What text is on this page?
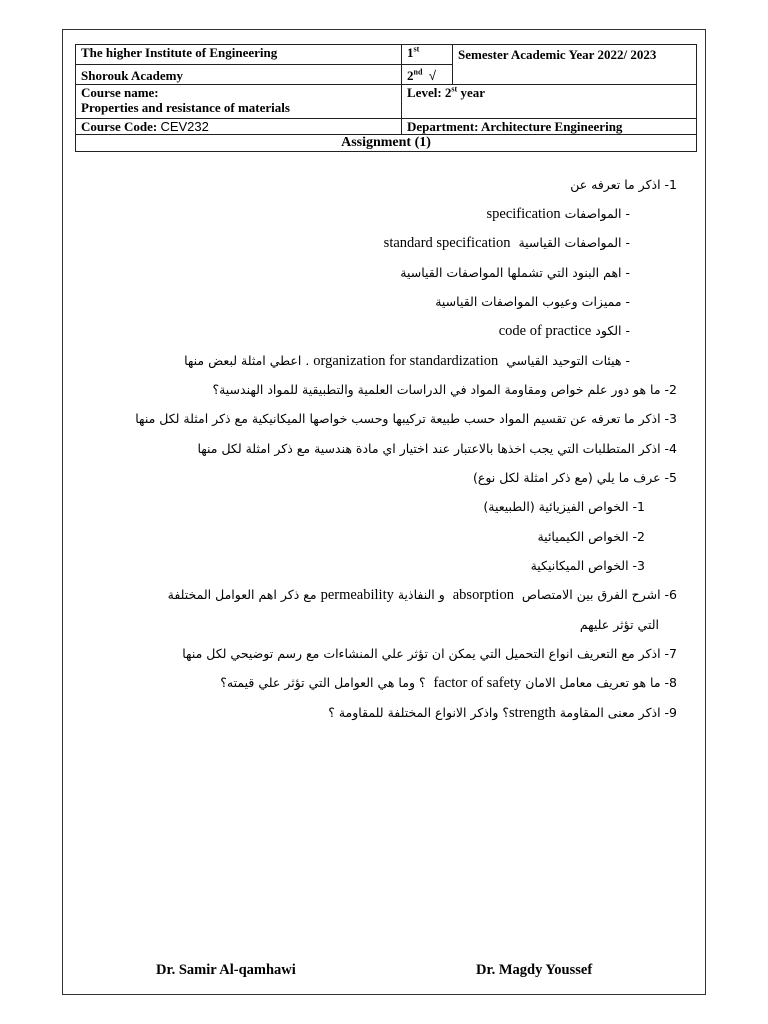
The higher Institute of Engineering	1st	Semester Academic Year 2022/ 2023
Shorouk Academy	2nd √	

Course name:
Properties and resistance of materials	Level: 2st year	
Course Code: CEV232	Department: Architecture Engineering	
Assignment (1)		
1- اذكر ما تعرفه عن
- المواصفات specification
- المواصفات القياسية  standard specification
- اهم البنود التي تشملها المواصفات القياسية
- مميزات وعيوب المواصفات القياسية
- الكود code of practice
- هيئات التوحيد القياسي  organization for standardization . اعطي امثلة لبعض منها
2- ما هو دور علم خواص ومقاومة المواد في الدراسات العلمية والتطبيقية للمواد الهندسية؟
3- اذكر ما تعرفه عن تقسيم المواد حسب طبيعة تركيبها وحسب خواصها الميكانيكية مع ذكر امثلة لكل منها
4- اذكر المتطلبات التي يجب اخذها بالاعتبار عند اختيار اي مادة هندسية مع ذكر امثلة لكل منها
5- عرف ما يلي (مع ذكر امثلة لكل نوع)
1- الخواص الفيزيائية (الطبيعية)
2- الخواص الكيميائية
3- الخواص الميكانيكية
6- اشرح الفرق بين الامتصاص  absorption  و النفاذية permeability مع ذكر اهم العوامل المختلفة
التي تؤثر عليهم
7- اذكر مع التعريف انواع التحميل التي يمكن ان تؤثر علي المنشاءات مع رسم توضيحي لكل منها
8- ما هو تعريف معامل الامان factor of safety  ؟ وما هي العوامل التي تؤثر علي قيمته؟
9- اذكر معنى المقاومة strength؟ واذكر الانواع المختلفة للمقاومة ؟
Dr. Samir Al-qamhawi	Dr. Magdy Youssef
